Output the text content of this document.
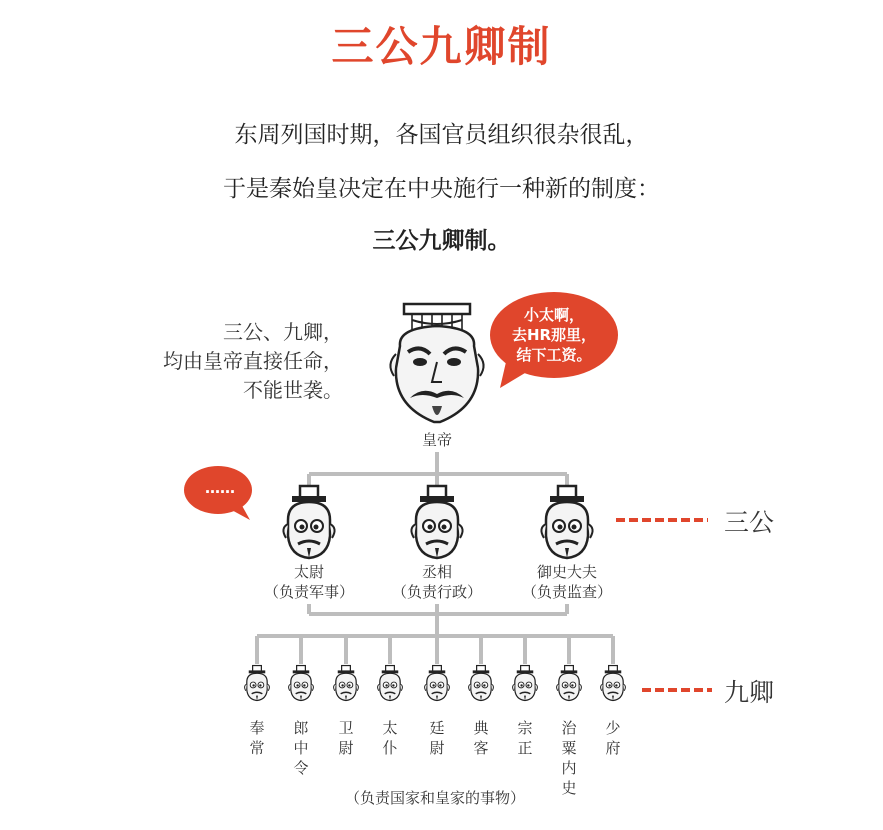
三公九卿制
东周列国时期，各国官员组织很杂很乱，
于是秦始皇决定在中央施行一种新的制度：
三公九卿制。
三公、九卿，
均由皇帝直接任命，
不能世袭。
皇帝
小太啊，
去HR那里，
结下工资。
……
太尉
（负责军事）
丞相
（负责行政）
御史大夫
（负责监查）
三公
奉
常
郎
中
令
卫
尉
太
仆
廷
尉
典
客
宗
正
治
粟
内
史
少
府
（负责国家和皇家的事物）
九卿
